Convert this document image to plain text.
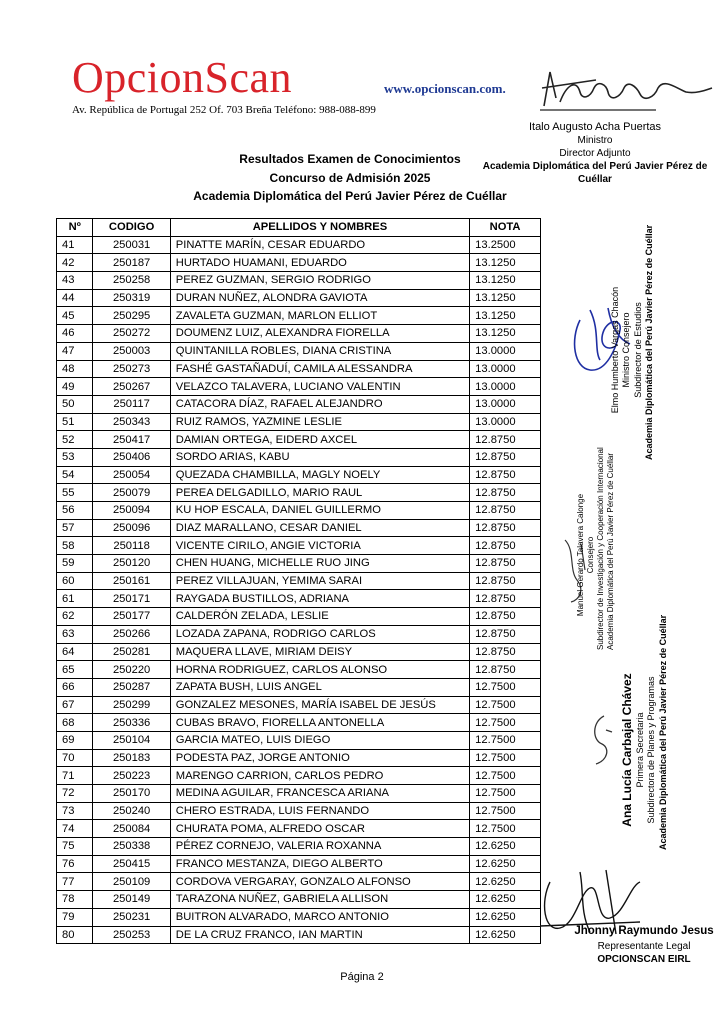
OpcionScan
Av. República de Portugal 252 Of. 703 Breña Teléfono: 988-088-899
www.opcionscan.com.
Italo Augusto Acha Puertas
Ministro
Director Adjunto
Academia Diplomática del Perú Javier Pérez de Cuéllar
Resultados Examen de Conocimientos
Concurso de Admisión 2025
Academia Diplomática del Perú Javier Pérez de Cuéllar
Nº	CODIGO	APELLIDOS Y NOMBRES	NOTA
41	250031	PINATTE MARÍN, CESAR EDUARDO	13.2500
42	250187	HURTADO HUAMANI, EDUARDO	13.1250
43	250258	PEREZ GUZMAN, SERGIO RODRIGO	13.1250
44	250319	DURAN NUÑEZ, ALONDRA GAVIOTA	13.1250
45	250295	ZAVALETA GUZMAN, MARLON ELLIOT	13.1250
46	250272	DOUMENZ LUIZ, ALEXANDRA FIORELLA	13.1250
47	250003	QUINTANILLA ROBLES, DIANA CRISTINA	13.0000
48	250273	FASHÉ GASTAÑADUÍ, CAMILA ALESSANDRA	13.0000
49	250267	VELAZCO TALAVERA, LUCIANO VALENTIN	13.0000
50	250117	CATACORA DÍAZ, RAFAEL ALEJANDRO	13.0000
51	250343	RUIZ RAMOS, YAZMINE LESLIE	13.0000
52	250417	DAMIAN ORTEGA, EIDERD AXCEL	12.8750
53	250406	SORDO ARIAS, KABU	12.8750
54	250054	QUEZADA CHAMBILLA, MAGLY NOELY	12.8750
55	250079	PEREA DELGADILLO, MARIO RAUL	12.8750
56	250094	KU HOP ESCALA, DANIEL GUILLERMO	12.8750
57	250096	DIAZ MARALLANO, CESAR DANIEL	12.8750
58	250118	VICENTE CIRILO, ANGIE VICTORIA	12.8750
59	250120	CHEN HUANG, MICHELLE RUO JING	12.8750
60	250161	PEREZ VILLAJUAN, YEMIMA SARAI	12.8750
61	250171	RAYGADA BUSTILLOS, ADRIANA	12.8750
62	250177	CALDERÓN ZELADA, LESLIE	12.8750
63	250266	LOZADA ZAPANA, RODRIGO CARLOS	12.8750
64	250281	MAQUERA LLAVE, MIRIAM DEISY	12.8750
65	250220	HORNA RODRIGUEZ, CARLOS ALONSO	12.8750
66	250287	ZAPATA BUSH, LUIS ANGEL	12.7500
67	250299	GONZALEZ MESONES, MARÍA ISABEL DE JESÚS	12.7500
68	250336	CUBAS BRAVO, FIORELLA ANTONELLA	12.7500
69	250104	GARCIA MATEO, LUIS DIEGO	12.7500
70	250183	PODESTA PAZ, JORGE ANTONIO	12.7500
71	250223	MARENGO CARRION, CARLOS PEDRO	12.7500
72	250170	MEDINA AGUILAR, FRANCESCA ARIANA	12.7500
73	250240	CHERO ESTRADA, LUIS FERNANDO	12.7500
74	250084	CHURATA POMA, ALFREDO OSCAR	12.7500
75	250338	PÉREZ CORNEJO, VALERIA ROXANNA	12.6250
76	250415	FRANCO MESTANZA, DIEGO ALBERTO	12.6250
77	250109	CORDOVA VERGARAY, GONZALO ALFONSO	12.6250
78	250149	TARAZONA NUÑEZ, GABRIELA ALLISON	12.6250
79	250231	BUITRON ALVARADO, MARCO ANTONIO	12.6250
80	250253	DE LA CRUZ FRANCO, IAN MARTIN	12.6250
Elmo Humberto Vargas Chacón Ministro Consejero Subdirector de Estudios Academia Diplomática del Perú Javier Pérez de Cuéllar
Manuel Gerardo Talavera Calonge Consejero Subdirector de Investigación y Cooperación Internacional Academia Diplomática del Perú Javier Pérez de Cuéllar
Ana Lucía Carbajal Chávez Primera Secretaria Subdirectora de Planes y Programas Academia Diplomática del Perú Javier Pérez de Cuéllar
Jhonny Raymundo Jesus
Representante Legal
OPCIONSCAN EIRL
Página 2
